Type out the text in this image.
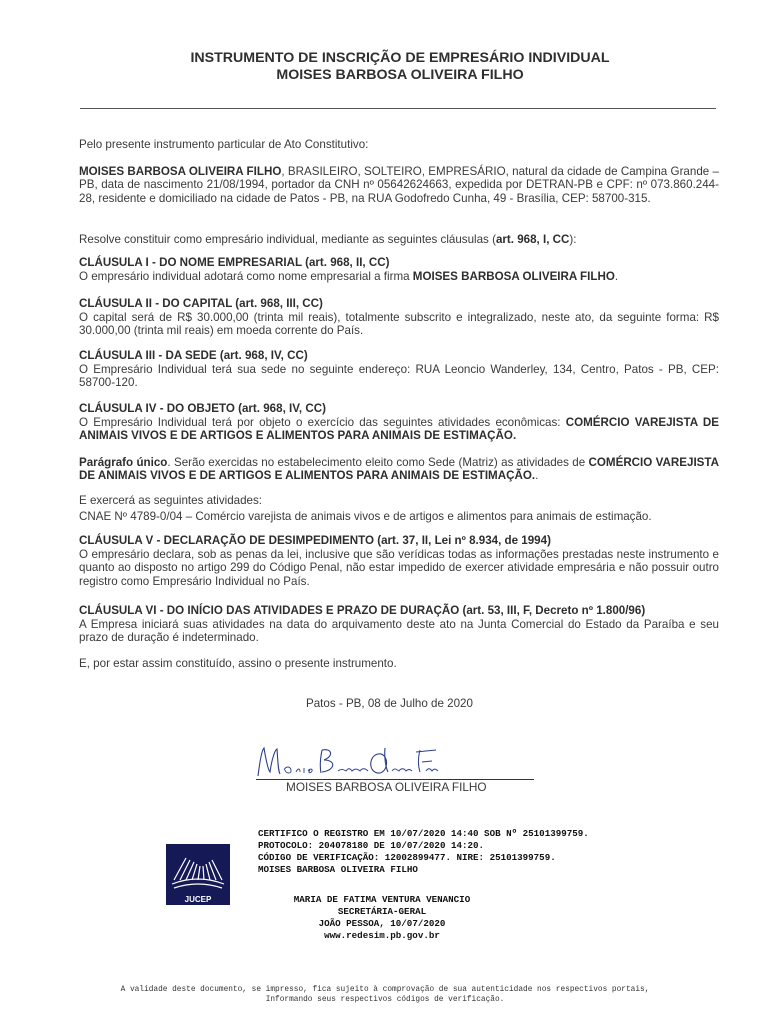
INSTRUMENTO DE INSCRIÇÃO DE EMPRESÁRIO INDIVIDUAL
MOISES BARBOSA OLIVEIRA FILHO
Pelo presente instrumento particular de Ato Constitutivo:
MOISES BARBOSA OLIVEIRA FILHO, BRASILEIRO, SOLTEIRO, EMPRESÁRIO, natural da cidade de Campina Grande – PB, data de nascimento 21/08/1994, portador da CNH nº 05642624663, expedida por DETRAN-PB e CPF: nº 073.860.244-28, residente e domiciliado na cidade de Patos - PB, na RUA Godofredo Cunha, 49 - Brasília, CEP: 58700-315.
Resolve constituir como empresário individual, mediante as seguintes cláusulas (art. 968, I, CC):
CLÁUSULA I - DO NOME EMPRESARIAL (art. 968, II, CC)
O empresário individual adotará como nome empresarial a firma MOISES BARBOSA OLIVEIRA FILHO.
CLÁUSULA II - DO CAPITAL (art. 968, III, CC)
O capital será de R$ 30.000,00 (trinta mil reais), totalmente subscrito e integralizado, neste ato, da seguinte forma: R$ 30.000,00 (trinta mil reais) em moeda corrente do País.
CLÁUSULA III - DA SEDE (art. 968, IV, CC)
O Empresário Individual terá sua sede no seguinte endereço: RUA Leoncio Wanderley, 134, Centro, Patos - PB, CEP: 58700-120.
CLÁUSULA IV - DO OBJETO (art. 968, IV, CC)
O Empresário Individual terá por objeto o exercício das seguintes atividades econômicas: COMÉRCIO VAREJISTA DE ANIMAIS VIVOS E DE ARTIGOS E ALIMENTOS PARA ANIMAIS DE ESTIMAÇÃO.
Parágrafo único. Serão exercidas no estabelecimento eleito como Sede (Matriz) as atividades de COMÉRCIO VAREJISTA DE ANIMAIS VIVOS E DE ARTIGOS E ALIMENTOS PARA ANIMAIS DE ESTIMAÇÃO..
E exercerá as seguintes atividades:
CNAE Nº 4789-0/04 – Comércio varejista de animais vivos e de artigos e alimentos para animais de estimação.
CLÁUSULA V - DECLARAÇÃO DE DESIMPEDIMENTO (art. 37, II, Lei nº 8.934, de 1994)
O empresário declara, sob as penas da lei, inclusive que são verídicas todas as informações prestadas neste instrumento e quanto ao disposto no artigo 299 do Código Penal, não estar impedido de exercer atividade empresária e não possuir outro registro como Empresário Individual no País.
CLÁUSULA VI - DO INÍCIO DAS ATIVIDADES E PRAZO DE DURAÇÃO (art. 53, III, F, Decreto nº 1.800/96)
A Empresa iniciará suas atividades na data do arquivamento deste ato na Junta Comercial do Estado da Paraíba e seu prazo de duração é indeterminado.
E, por estar assim constituído, assino o presente instrumento.
Patos - PB, 08 de Julho de 2020
MOISES BARBOSA OLIVEIRA FILHO
JUCEP
CERTIFICO O REGISTRO EM 10/07/2020 14:40 SOB Nº 25101399759.
PROTOCOLO: 204078180 DE 10/07/2020 14:20.
CÓDIGO DE VERIFICAÇÃO: 12002899477. NIRE: 25101399759.
MOISES BARBOSA OLIVEIRA FILHO
MARIA DE FATIMA VENTURA VENANCIO
SECRETÁRIA-GERAL
JOÃO PESSOA, 10/07/2020
www.redesim.pb.gov.br
A validade deste documento, se impresso, fica sujeito à comprovação de sua autenticidade nos respectivos portais,
Informando seus respectivos códigos de verificação.
